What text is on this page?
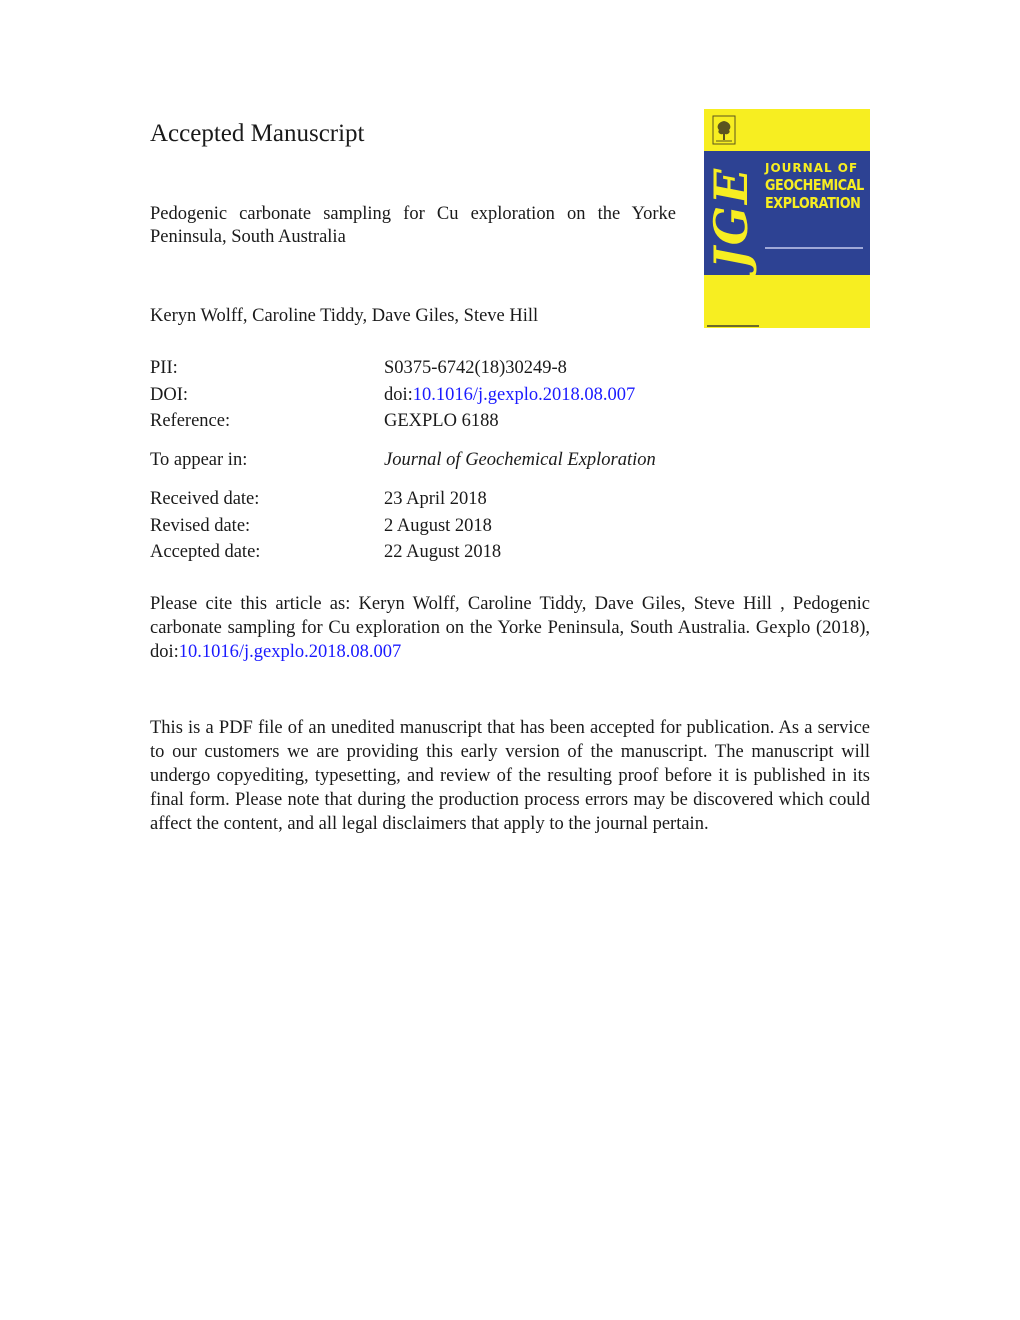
Accepted Manuscript

Pedogenic carbonate sampling for Cu exploration on the Yorke Peninsula, South Australia

Keryn Wolff, Caroline Tiddy, Dave Giles, Steve Hill

PII:	S0375-6742(18)30249-8
DOI:	doi:10.1016/j.gexplo.2018.08.007
Reference:	GEXPLO 6188
To appear in:	Journal of Geochemical Exploration
Received date:	23 April 2018
Revised date:	2 August 2018
Accepted date:	22 August 2018

Please cite this article as: Keryn Wolff, Caroline Tiddy, Dave Giles, Steve Hill , Pedogenic carbonate sampling for Cu exploration on the Yorke Peninsula, South Australia. Gexplo (2018), doi:10.1016/j.gexplo.2018.08.007

This is a PDF file of an unedited manuscript that has been accepted for publication. As a service to our customers we are providing this early version of the manuscript. The manuscript will undergo copyediting, typesetting, and review of the resulting proof before it is published in its final form. Please note that during the production process errors may be discovered which could affect the content, and all legal disclaimers that apply to the journal pertain.

JGE JOURNAL OF
GEOCHEMICAL
EXPLORATION
